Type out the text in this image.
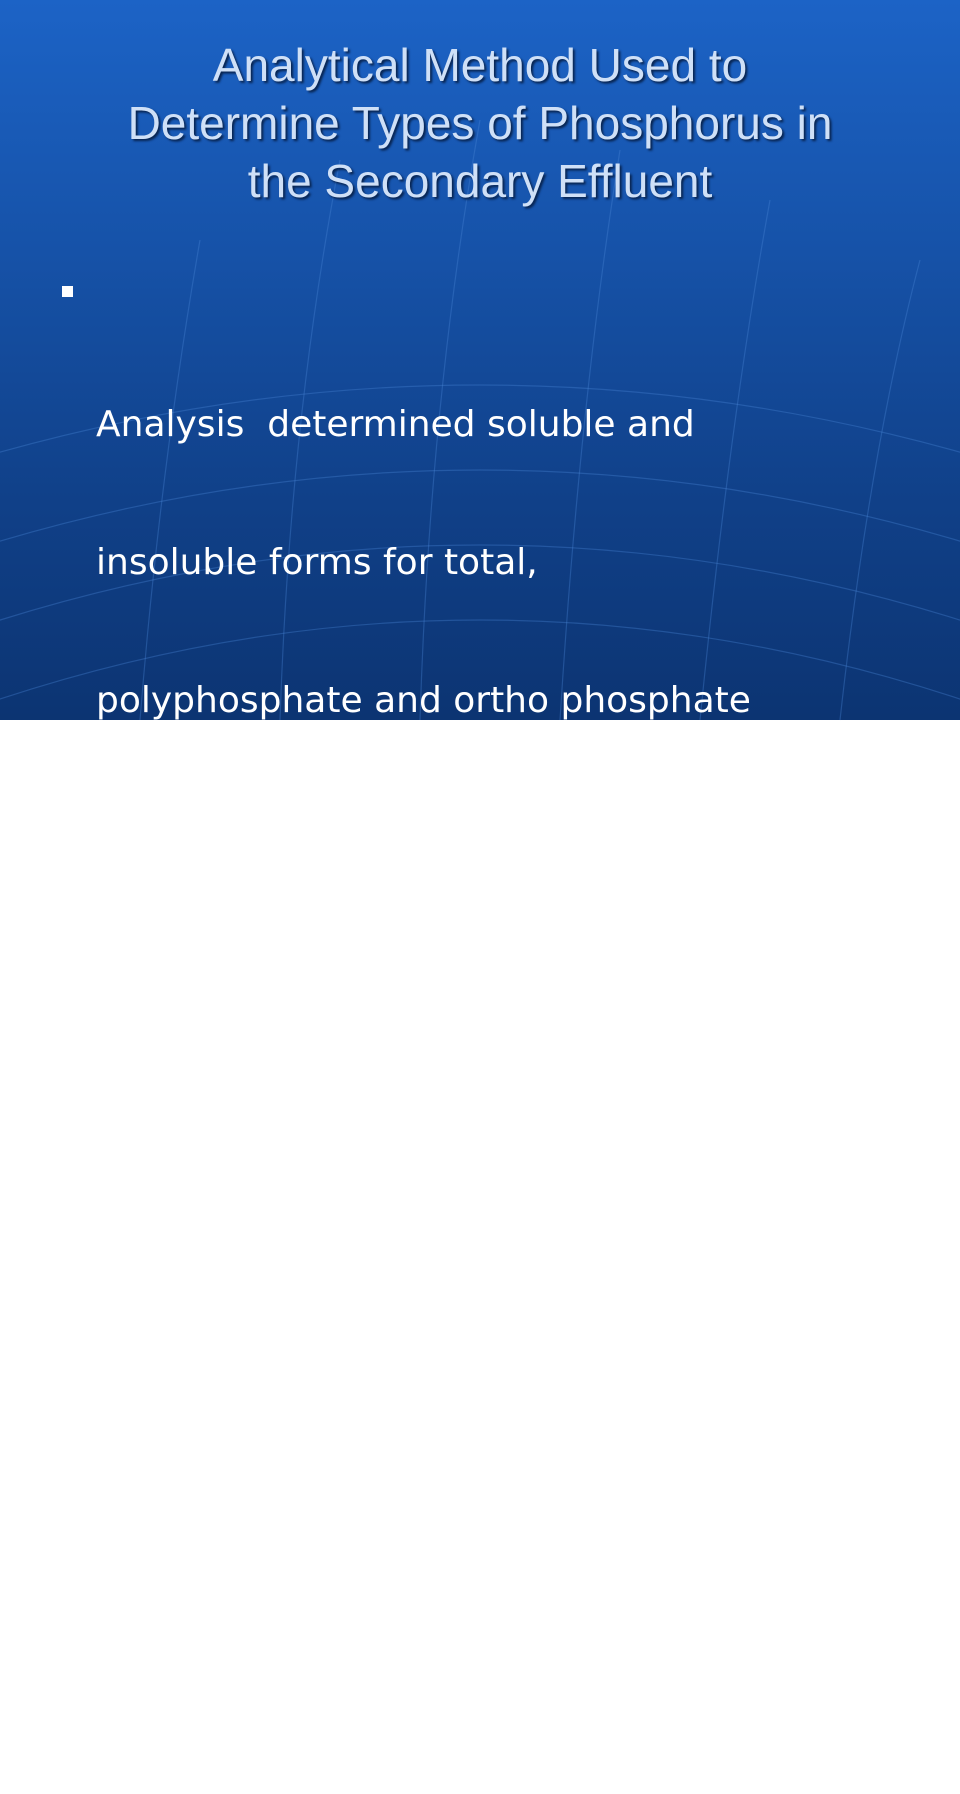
Analytical Method Used to
Determine Types of Phosphorus in
the Secondary Effluent

Analysis  determined soluble and

insoluble forms for total,

polyphosphate and ortho phosphate

using Hach equipment and methods

Procedures used to ensure the

validity of results including dedicated

acid washed glassware, reagent

blanks, standards and splits with QC

laboratory
